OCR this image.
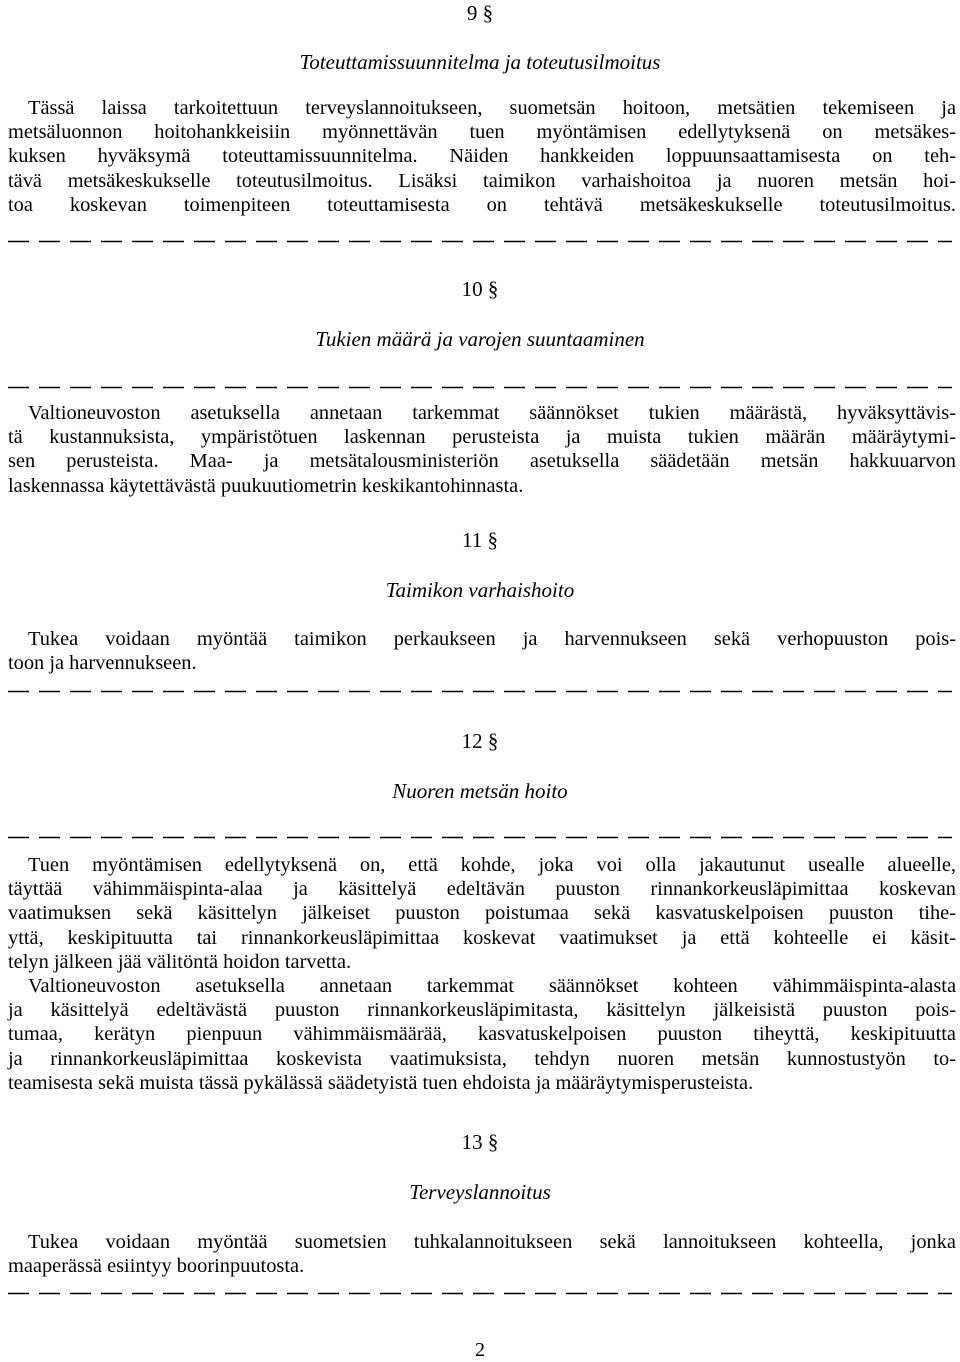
9 §
Toteuttamissuunnitelma ja toteutusilmoitus
Tässä laissa tarkoitettuun terveyslannoitukseen, suometsän hoitoon, metsätien tekemiseen ja
metsäluonnon hoitohankkeisiin myönnettävän tuen myöntämisen edellytyksenä on metsäkes-
kuksen hyväksymä toteuttamissuunnitelma. Näiden hankkeiden loppuunsaattamisesta on teh-
tävä metsäkeskukselle toteutusilmoitus. Lisäksi taimikon varhaishoitoa ja nuoren metsän hoi-
toa koskevan toimenpiteen toteuttamisesta on tehtävä metsäkeskukselle toteutusilmoitus.
10 §
Tukien määrä ja varojen suuntaaminen
Valtioneuvoston asetuksella annetaan tarkemmat säännökset tukien määrästä, hyväksyttävis-
tä kustannuksista, ympäristötuen laskennan perusteista ja muista tukien määrän määräytymi-
sen perusteista. Maa- ja metsätalousministeriön asetuksella säädetään metsän hakkuuarvon
laskennassa käytettävästä puukuutiometrin keskikantohinnasta.
11 §
Taimikon varhaishoito
Tukea voidaan myöntää taimikon perkaukseen ja harvennukseen sekä verhopuuston pois-
toon ja harvennukseen.
12 §
Nuoren metsän hoito
Tuen myöntämisen edellytyksenä on, että kohde, joka voi olla jakautunut usealle alueelle,
täyttää vähimmäispinta-alaa ja käsittelyä edeltävän puuston rinnankorkeusläpimittaa koskevan
vaatimuksen sekä käsittelyn jälkeiset puuston poistumaa sekä kasvatuskelpoisen puuston tihe-
yttä, keskipituutta tai rinnankorkeusläpimittaa koskevat vaatimukset ja että kohteelle ei käsit-
telyn jälkeen jää välitöntä hoidon tarvetta.
Valtioneuvoston asetuksella annetaan tarkemmat säännökset kohteen vähimmäispinta-alasta
ja käsittelyä edeltävästä puuston rinnankorkeusläpimitasta, käsittelyn jälkeisistä puuston pois-
tumaa, kerätyn pienpuun vähimmäismäärää, kasvatuskelpoisen puuston tiheyttä, keskipituutta
ja rinnankorkeusläpimittaa koskevista vaatimuksista, tehdyn nuoren metsän kunnostustyön to-
teamisesta sekä muista tässä pykälässä säädetyistä tuen ehdoista ja määräytymisperusteista.
13 §
Terveyslannoitus
Tukea voidaan myöntää suometsien tuhkalannoitukseen sekä lannoitukseen kohteella, jonka
maaperässä esiintyy boorinpuutosta.
2
